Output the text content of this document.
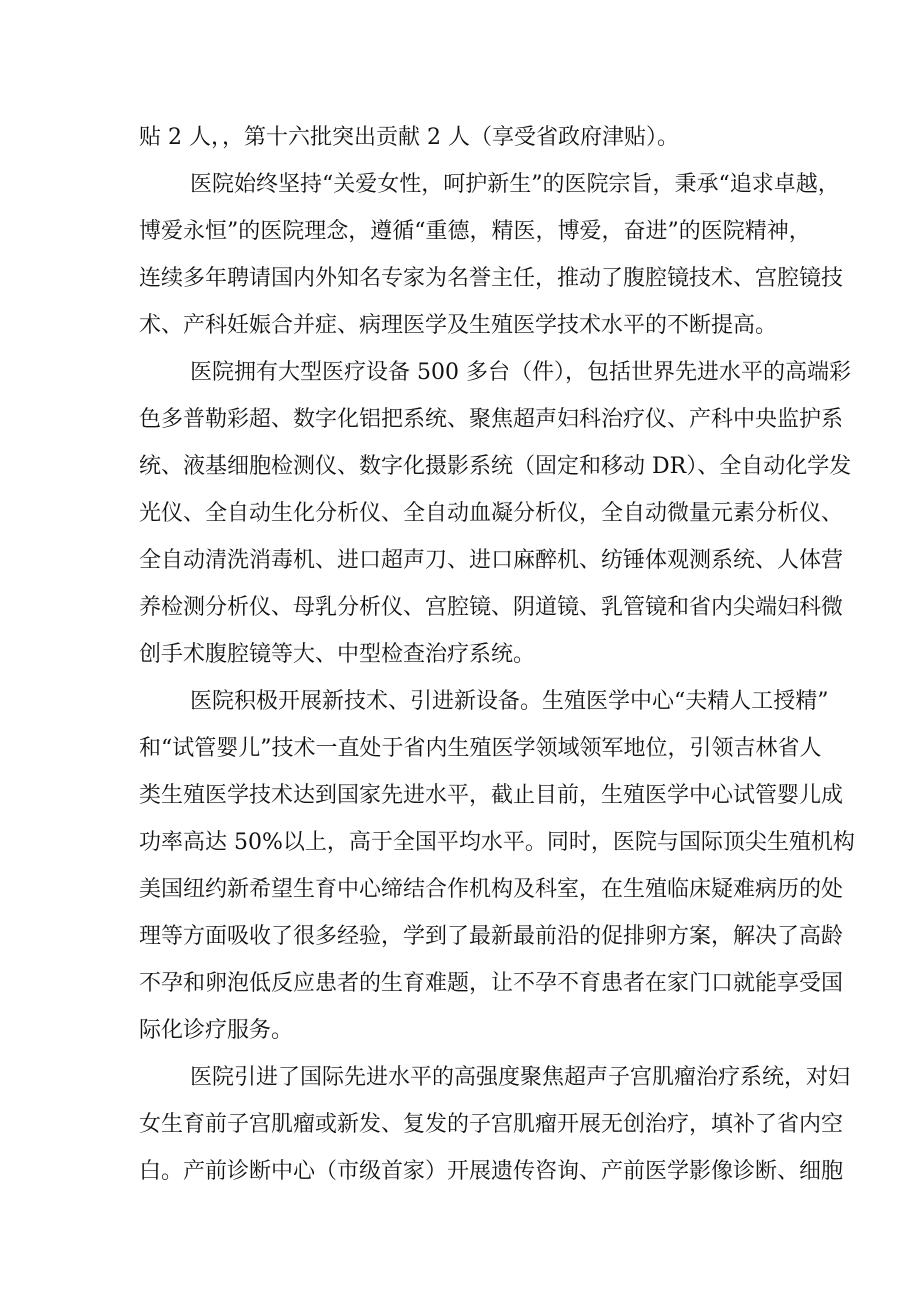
贴 2 人，，第十六批突出贡献 2 人（享受省政府津贴）。
医院始终坚持“关爱女性，呵护新生”的医院宗旨，秉承“追求卓越，
博爱永恒”的医院理念，遵循“重德，精医，博爱，奋进”的医院精神，
连续多年聘请国内外知名专家为名誉主任，推动了腹腔镜技术、宫腔镜技
术、产科妊娠合并症、病理医学及生殖医学技术水平的不断提高。
医院拥有大型医疗设备 500 多台（件），包括世界先进水平的高端彩
色多普勒彩超、数字化铝把系统、聚焦超声妇科治疗仪、产科中央监护系
统、液基细胞检测仪、数字化摄影系统（固定和移动 DR）、全自动化学发
光仪、全自动生化分析仪、全自动血凝分析仪，全自动微量元素分析仪、
全自动清洗消毒机、进口超声刀、进口麻醉机、纺锤体观测系统、人体营
养检测分析仪、母乳分析仪、宫腔镜、阴道镜、乳管镜和省内尖端妇科微
创手术腹腔镜等大、中型检查治疗系统。
医院积极开展新技术、引进新设备。生殖医学中心“夫精人工授精”
和“试管婴儿”技术一直处于省内生殖医学领域领军地位，引领吉林省人
类生殖医学技术达到国家先进水平，截止目前，生殖医学中心试管婴儿成
功率高达 50%以上，高于全国平均水平。同时，医院与国际顶尖生殖机构
美国纽约新希望生育中心缔结合作机构及科室，在生殖临床疑难病历的处
理等方面吸收了很多经验，学到了最新最前沿的促排卵方案，解决了高龄
不孕和卵泡低反应患者的生育难题，让不孕不育患者在家门口就能享受国
际化诊疗服务。
医院引进了国际先进水平的高强度聚焦超声子宫肌瘤治疗系统，对妇
女生育前子宫肌瘤或新发、复发的子宫肌瘤开展无创治疗，填补了省内空
白。产前诊断中心（市级首家）开展遗传咨询、产前医学影像诊断、细胞
